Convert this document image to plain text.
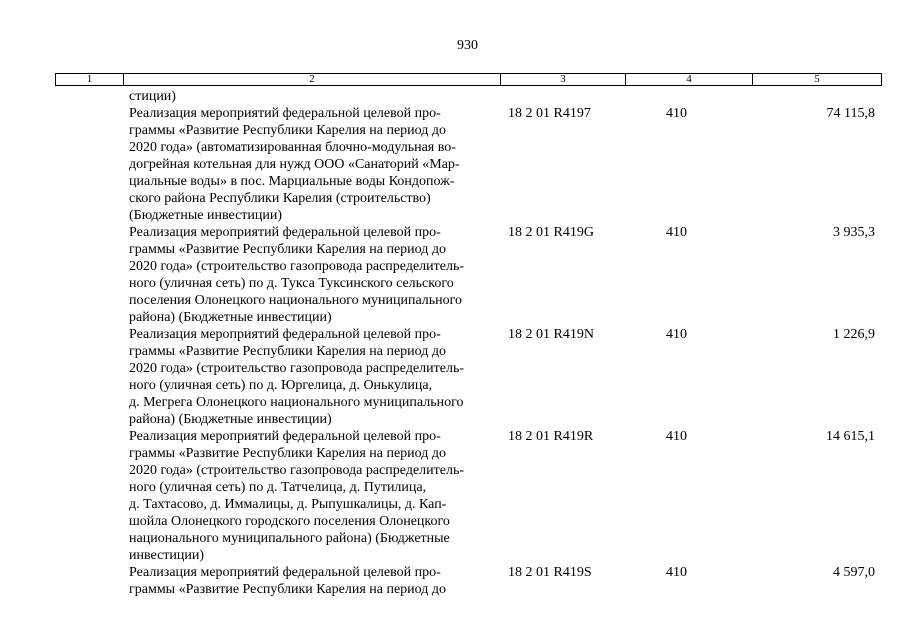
930
1	2	3	4	5
стиции)
Реализация мероприятий федеральной целевой про-
граммы «Развитие Республики Карелия на период до
2020 года» (автоматизированная блочно-модульная во-
догрейная котельная для нужд ООО «Санаторий «Мар-
циальные воды» в пос. Марциальные воды Кондопож-
ского района Республики Карелия (строительство)
(Бюджетные инвестиции)
18 2 01 R4197	410	74 115,8
Реализация мероприятий федеральной целевой про-
граммы «Развитие Республики Карелия на период до
2020 года» (строительство газопровода распределитель-
ного (уличная сеть) по д. Тукса Туксинского сельского
поселения Олонецкого национального муниципального
района) (Бюджетные инвестиции)
18 2 01 R419G	410	3 935,3
Реализация мероприятий федеральной целевой про-
граммы «Развитие Республики Карелия на период до
2020 года» (строительство газопровода распределитель-
ного (уличная сеть) по д. Юргелица, д. Онькулица,
д. Мегрега Олонецкого национального муниципального
района) (Бюджетные инвестиции)
18 2 01 R419N	410	1 226,9
Реализация мероприятий федеральной целевой про-
граммы «Развитие Республики Карелия на период до
2020 года» (строительство газопровода распределитель-
ного (уличная сеть) по д. Татчелица, д. Путилица,
д. Тахтасово, д. Иммалицы, д. Рыпушкалицы, д. Кап-
шойла Олонецкого городского поселения Олонецкого
национального муниципального района) (Бюджетные
инвестиции)
18 2 01 R419R	410	14 615,1
Реализация мероприятий федеральной целевой про-
граммы «Развитие Республики Карелия на период до
18 2 01 R419S	410	4 597,0
